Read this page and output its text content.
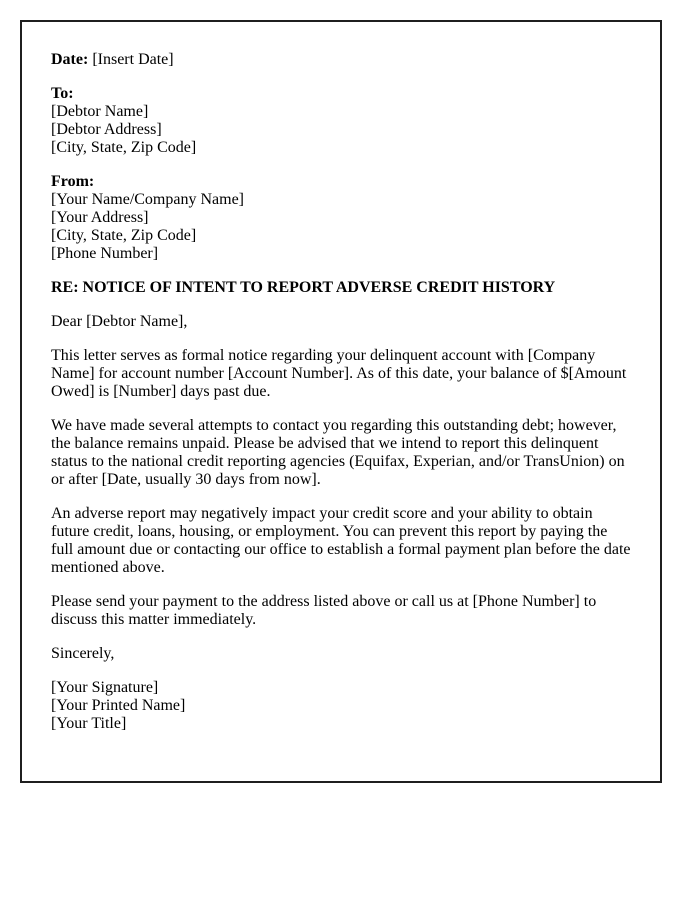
Date: [Insert Date]

To:

[Debtor Name]

[Debtor Address]

[City, State, Zip Code]

From:

[Your Name/Company Name]

[Your Address]

[City, State, Zip Code]

[Phone Number]

RE: NOTICE OF INTENT TO REPORT ADVERSE CREDIT HISTORY

Dear [Debtor Name],

This letter serves as formal notice regarding your delinquent account with [Company Name] for account number [Account Number]. As of this date, your balance of $[Amount Owed] is [Number] days past due.

We have made several attempts to contact you regarding this outstanding debt; however, the balance remains unpaid. Please be advised that we intend to report this delinquent status to the national credit reporting agencies (Equifax, Experian, and/or TransUnion) on or after [Date, usually 30 days from now].

An adverse report may negatively impact your credit score and your ability to obtain future credit, loans, housing, or employment. You can prevent this report by paying the full amount due or contacting our office to establish a formal payment plan before the date mentioned above.

Please send your payment to the address listed above or call us at [Phone Number] to discuss this matter immediately.

Sincerely,

[Your Signature]

[Your Printed Name]

[Your Title]
